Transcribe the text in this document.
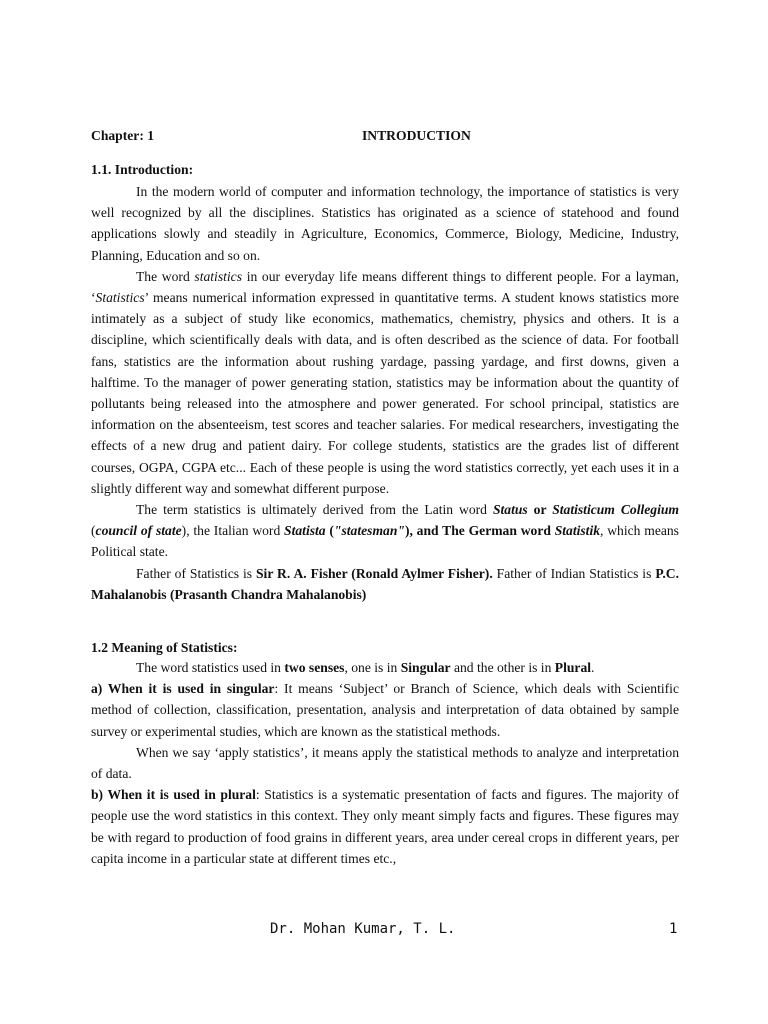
Chapter: 1	INTRODUCTION
1.1. Introduction:

In the modern world of computer and information technology, the importance of statistics is very well recognized by all the disciplines. Statistics has originated as a science of statehood and found applications slowly and steadily in Agriculture, Economics, Commerce, Biology, Medicine, Industry, Planning, Education and so on.

The word statistics in our everyday life means different things to different people. For a layman, ‘Statistics’ means numerical information expressed in quantitative terms. A student knows statistics more intimately as a subject of study like economics, mathematics, chemistry, physics and others. It is a discipline, which scientifically deals with data, and is often described as the science of data. For football fans, statistics are the information about rushing yardage, passing yardage, and first downs, given a halftime. To the manager of power generating station, statistics may be information about the quantity of pollutants being released into the atmosphere and power generated. For school principal, statistics are information on the absenteeism, test scores and teacher salaries. For medical researchers, investigating the effects of a new drug and patient dairy. For college students, statistics are the grades list of different courses, OGPA, CGPA etc... Each of these people is using the word statistics correctly, yet each uses it in a slightly different way and somewhat different purpose.

The term statistics is ultimately derived from the Latin word Status or Statisticum Collegium (council of state), the Italian word Statista ("statesman"), and The German word Statistik, which means Political state.

Father of Statistics is Sir R. A. Fisher (Ronald Aylmer Fisher). Father of Indian Statistics is P.C. Mahalanobis (Prasanth Chandra Mahalanobis)

1.2 Meaning of Statistics:

The word statistics used in two senses, one is in Singular and the other is in Plural.

a) When it is used in singular: It means ‘Subject’ or Branch of Science, which deals with Scientific method of collection, classification, presentation, analysis and interpretation of data obtained by sample survey or experimental studies, which are known as the statistical methods.

When we say ‘apply statistics’, it means apply the statistical methods to analyze and interpretation of data.

b) When it is used in plural: Statistics is a systematic presentation of facts and figures. The majority of people use the word statistics in this context. They only meant simply facts and figures. These figures may be with regard to production of food grains in different years, area under cereal crops in different years, per capita income in a particular state at different times etc.,

Dr. Mohan Kumar, T. L.	1
